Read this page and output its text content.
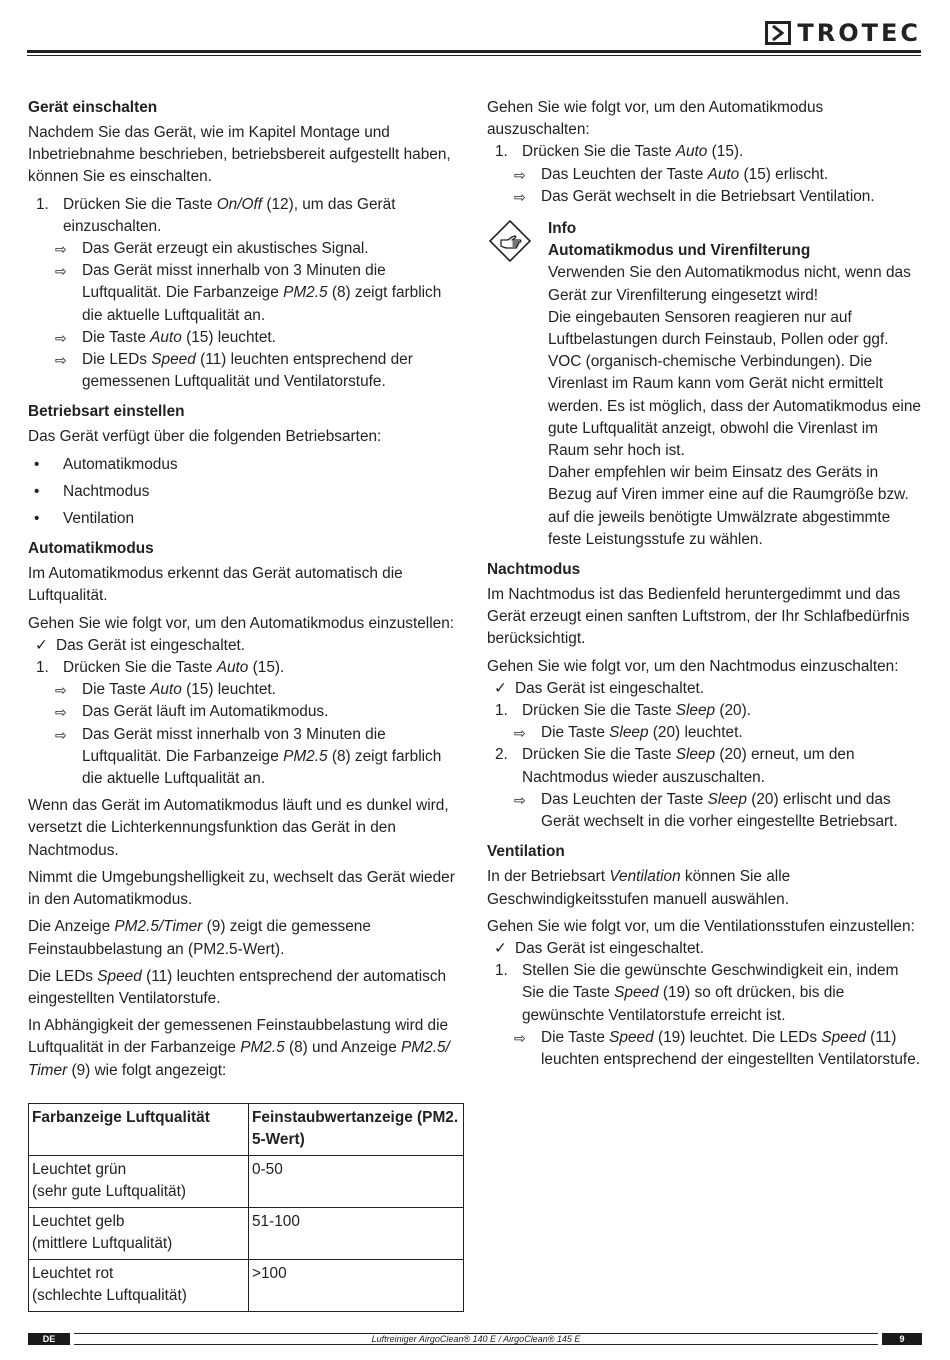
TROTEC
Gerät einschalten

Nachdem Sie das Gerät, wie im Kapitel Montage und Inbetriebnahme beschrieben, betriebsbereit aufgestellt haben, können Sie es einschalten.

1. Drücken Sie die Taste On/Off (12), um das Gerät einzuschalten.
⇨ Das Gerät erzeugt ein akustisches Signal.
⇨ Das Gerät misst innerhalb von 3 Minuten die Luftqualität. Die Farbanzeige PM2.5 (8) zeigt farblich die aktuelle Luftqualität an.
⇨ Die Taste Auto (15) leuchtet.
⇨ Die LEDs Speed (11) leuchten entsprechend der gemessenen Luftqualität und Ventilatorstufe.
Betriebsart einstellen

Das Gerät verfügt über die folgenden Betriebsarten:

•	Automatikmodus
•	Nachtmodus
•	Ventilation
Automatikmodus

Im Automatikmodus erkennt das Gerät automatisch die Luftqualität.

Gehen Sie wie folgt vor, um den Automatikmodus einzustellen:

✓ Das Gerät ist eingeschaltet.
1. Drücken Sie die Taste Auto (15).
⇨ Die Taste Auto (15) leuchtet.
⇨ Das Gerät läuft im Automatikmodus.
⇨ Das Gerät misst innerhalb von 3 Minuten die Luftqualität. Die Farbanzeige PM2.5 (8) zeigt farblich die aktuelle Luftqualität an.

Wenn das Gerät im Automatikmodus läuft und es dunkel wird, versetzt die Lichterkennungsfunktion das Gerät in den Nachtmodus.

Nimmt die Umgebungshelligkeit zu, wechselt das Gerät wieder in den Automatikmodus.

Die Anzeige PM2.5/Timer (9) zeigt die gemessene Feinstaubbelastung an (PM2.5-Wert).

Die LEDs Speed (11) leuchten entsprechend der automatisch eingestellten Ventilatorstufe.

In Abhängigkeit der gemessenen Feinstaubbelastung wird die Luftqualität in der Farbanzeige PM2.5 (8) und Anzeige PM2.5/ Timer (9) wie folgt angezeigt:

Farbanzeige Luftqualität	Feinstaubwertanzeige (PM2. 5-Wert)
Leuchtet grün
(sehr gute Luftqualität)	0-50
Leuchtet gelb
(mittlere Luftqualität)	51-100
Leuchtet rot
(schlechte Luftqualität)	>100

Gehen Sie wie folgt vor, um den Automatikmodus auszuschalten:

1. Drücken Sie die Taste Auto (15).
⇨ Das Leuchten der Taste Auto (15) erlischt.
⇨ Das Gerät wechselt in die Betriebsart Ventilation.
Info
Automatikmodus und Virenfilterung
Verwenden Sie den Automatikmodus nicht, wenn das Gerät zur Virenfilterung eingesetzt wird!
Die eingebauten Sensoren reagieren nur auf Luftbelastungen durch Feinstaub, Pollen oder ggf. VOC (organisch-chemische Verbindungen). Die Virenlast im Raum kann vom Gerät nicht ermittelt werden. Es ist möglich, dass der Automatikmodus eine gute Luftqualität anzeigt, obwohl die Virenlast im Raum sehr hoch ist.
Daher empfehlen wir beim Einsatz des Geräts in Bezug auf Viren immer eine auf die Raumgröße bzw. auf die jeweils benötigte Umwälzrate abgestimmte feste Leistungsstufe zu wählen.
Nachtmodus

Im Nachtmodus ist das Bedienfeld heruntergedimmt und das Gerät erzeugt einen sanften Luftstrom, der Ihr Schlafbedürfnis berücksichtigt.

Gehen Sie wie folgt vor, um den Nachtmodus einzuschalten:

✓ Das Gerät ist eingeschaltet.
1. Drücken Sie die Taste Sleep (20).
⇨ Die Taste Sleep (20) leuchtet.
2. Drücken Sie die Taste Sleep (20) erneut, um den Nachtmodus wieder auszuschalten.
⇨ Das Leuchten der Taste Sleep (20) erlischt und das Gerät wechselt in die vorher eingestellte Betriebsart.
Ventilation

In der Betriebsart Ventilation können Sie alle Geschwindigkeitsstufen manuell auswählen.

Gehen Sie wie folgt vor, um die Ventilationsstufen einzustellen:

✓ Das Gerät ist eingeschaltet.
1. Stellen Sie die gewünschte Geschwindigkeit ein, indem Sie die Taste Speed (19) so oft drücken, bis die gewünschte Ventilatorstufe erreicht ist.
⇨ Die Taste Speed (19) leuchtet. Die LEDs Speed (11) leuchten entsprechend der eingestellten Ventilatorstufe.
DE	Luftreiniger AirgoClean® 140 E / AirgoClean® 145 E	9
